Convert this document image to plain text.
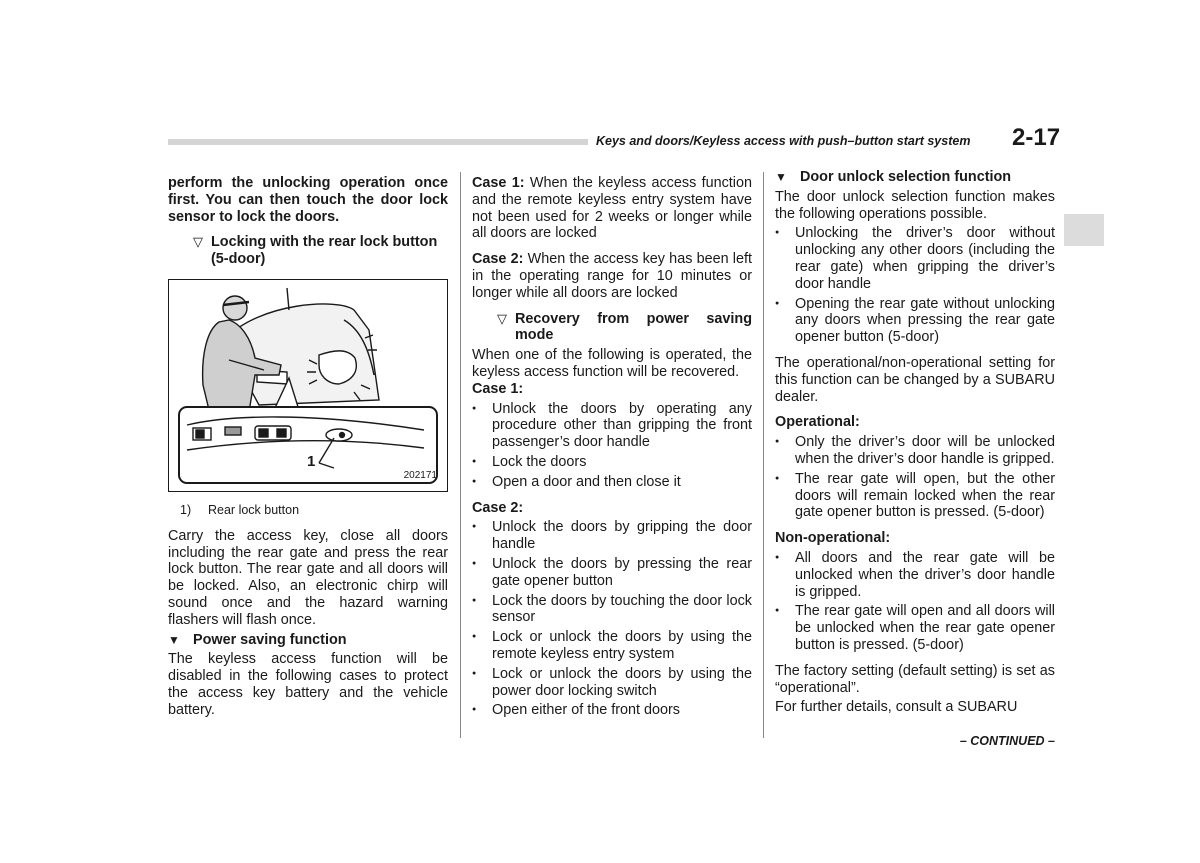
Keys and doors/Keyless access with push–button start system	2-17

perform the unlocking operation once first. You can then touch the door lock sensor to lock the doors.

▽ Locking with the rear lock button (5-door)
1
202171

1) Rear lock button

Carry the access key, close all doors including the rear gate and press the rear lock button. The rear gate and all doors will be locked. Also, an electronic chirp will sound once and the hazard warning flashers will flash once.

▼ Power saving function

The keyless access function will be disabled in the following cases to protect the access key battery and the vehicle battery.

Case 1: When the keyless access function and the remote keyless entry system have not been used for 2 weeks or longer while all doors are locked

Case 2: When the access key has been left in the operating range for 10 minutes or longer while all doors are locked

▽ Recovery from power saving mode

When one of the following is operated, the keyless access function will be recovered.

Case 1:

●	Unlock the doors by operating any procedure other than gripping the front passenger’s door handle
●	Lock the doors
●	Open a door and then close it

Case 2:

●	Unlock the doors by gripping the door handle
●	Unlock the doors by pressing the rear gate opener button
●	Lock the doors by touching the door lock sensor
●	Lock or unlock the doors by using the remote keyless entry system
●	Lock or unlock the doors by using the power door locking switch
●	Open either of the front doors
▼ Door unlock selection function

The door unlock selection function makes the following operations possible.

●	Unlocking the driver’s door without unlocking any other doors (including the rear gate) when gripping the driver’s door handle
●	Opening the rear gate without unlocking any doors when pressing the rear gate opener button (5-door)

The operational/non-operational setting for this function can be changed by a SUBARU dealer.

Operational:

●	Only the driver’s door will be unlocked when the driver’s door handle is gripped.
●	The rear gate will open, but the other doors will remain locked when the rear gate opener button is pressed. (5-door)

Non-operational:

●	All doors and the rear gate will be unlocked when the driver’s door handle is gripped.
●	The rear gate will open and all doors will be unlocked when the rear gate opener button is pressed. (5-door)

The factory setting (default setting) is set as “operational”.

For further details, consult a SUBARU

– CONTINUED –
